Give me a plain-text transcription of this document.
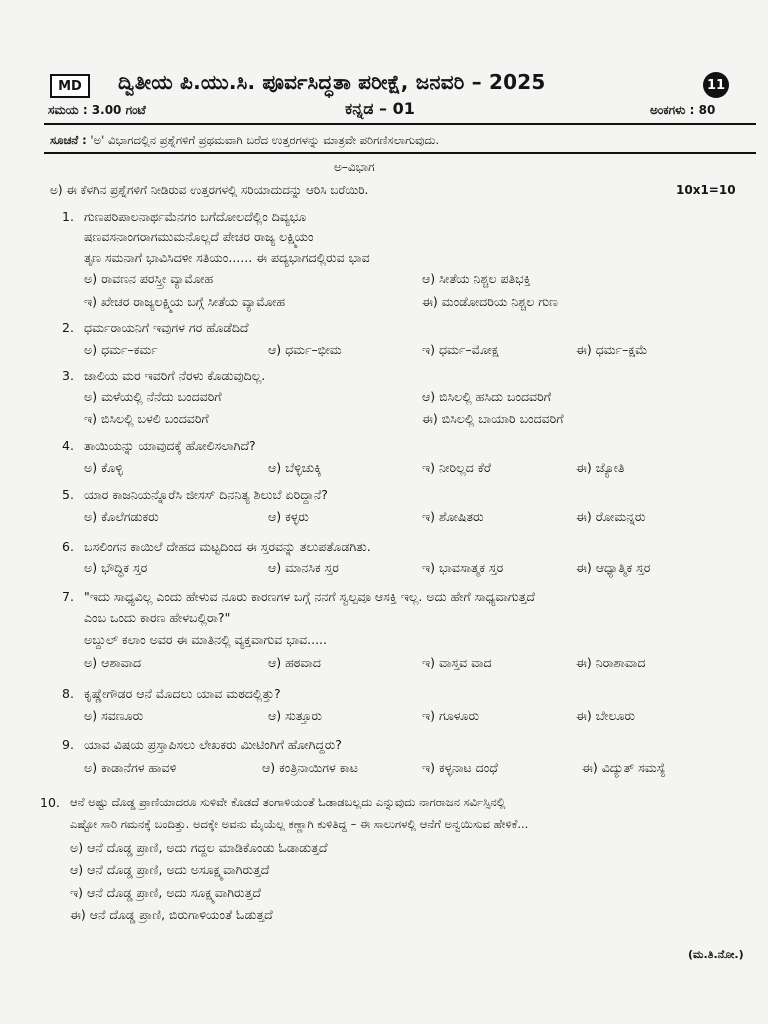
MD	ದ್ವಿತೀಯ ಪಿ.ಯು.ಸಿ. ಪೂರ್ವಸಿದ್ಧತಾ ಪರೀಕ್ಷೆ, ಜನವರಿ – 2025	11
ಸಮಯ : 3.00 ಗಂಟೆ	ಕನ್ನಡ – 01	ಅಂಕಗಳು : 80
ಸೂಚನೆ : 'ಅ' ವಿಭಾಗದಲ್ಲಿನ ಪ್ರಶ್ನೆಗಳಿಗೆ ಪ್ರಥಮವಾಗಿ ಬರೆದ ಉತ್ತರಗಳನ್ನು ಮಾತ್ರವೇ ಪರಿಗಣಿಸಲಾಗುವುದು.
ಅ–ವಿಭಾಗ
ಅ) ಈ ಕೆಳಗಿನ ಪ್ರಶ್ನೆಗಳಿಗೆ ನೀಡಿರುವ ಉತ್ತರಗಳಲ್ಲಿ ಸರಿಯಾದುದನ್ನು ಆರಿಸಿ ಬರೆಯಿರಿ.	10x1=10
1. ಗುಣಪರಿಪಾಲನಾರ್ಥಮೆನಗಂ ಬಗೆದೋಲದೆಲ್ಲಿಂ ದಿವ್ಯಭೂ
ಷಣವಸನಾಂಗರಾಗಮುಮನೊಲ್ಲದೆ ಪೇಚರ ರಾಜ್ಯ ಲಕ್ಷ್ಮಿಯಂ
ತೃಣ ಸಮನಾಗೆ ಭಾವಿಸಿದಳೀ ಸತಿಯಂ...... ಈ ಪದ್ಯಭಾಗದಲ್ಲಿರುವ ಭಾವ
ಅ) ರಾವಣನ ಪರಸ್ತ್ರೀ ವ್ಯಾಮೋಹ	ಆ) ಸೀತೆಯ ನಿಶ್ಚಲ ಪತಿಭಕ್ತಿ
ಇ) ಖೇಚರ ರಾಜ್ಯಲಕ್ಷ್ಮಿಯ ಬಗ್ಗೆ ಸೀತೆಯ ವ್ಯಾಮೋಹ	ಈ) ಮಂಡೋದರಿಯ ನಿಶ್ಚಲ ಗುಣ
2. ಧರ್ಮರಾಯನಿಗೆ ಇವುಗಳ ಗರ ಹೊಡೆದಿದೆ
ಅ) ಧರ್ಮ–ಕರ್ಮ	ಆ) ಧರ್ಮ–ಭೀಮ	ಇ) ಧರ್ಮ–ಮೋಕ್ಷ	ಈ) ಧರ್ಮ–ಕ್ಷಮೆ
3. ಜಾಲಿಯ ಮರ ಇವರಿಗೆ ನೆರಳು ಕೊಡುವುದಿಲ್ಲ.
ಅ) ಮಳೆಯಲ್ಲಿ ನೆನೆದು ಬಂದವರಿಗೆ	ಆ) ಬಿಸಿಲಲ್ಲಿ ಹಸಿದು ಬಂದವರಿಗೆ
ಇ) ಬಿಸಿಲಲ್ಲಿ ಬಳಲಿ ಬಂದವರಿಗೆ	ಈ) ಬಿಸಿಲಲ್ಲಿ ಬಾಯಾರಿ ಬಂದವರಿಗೆ
4. ತಾಯಿಯನ್ನು ಯಾವುದಕ್ಕೆ ಹೋಲಿಸಲಾಗಿದೆ?
ಅ) ಕೊಳ್ಳಿ	ಆ) ಬೆಳ್ಳಿಚುಕ್ಕಿ	ಇ) ನೀರಿಲ್ಲದ ಕೆರೆ	ಈ) ಜ್ಯೋತಿ
5. ಯಾರ ಕಾಜನಿಯನ್ನೊರೆಸಿ ಜೀಸಸ್ ದಿನನಿತ್ಯ ಶಿಲುಬೆ ಏರಿದ್ದಾನೆ?
ಅ) ಕೊಲೆಗಡುಕರು	ಆ) ಕಳ್ಳರು	ಇ) ಶೋಷಿತರು	ಈ) ರೋಮನ್ನರು
6. ಬಸಲಿಂಗನ ಕಾಯಿಲೆ ದೇಹದ ಮಟ್ಟದಿಂದ ಈ ಸ್ತರವನ್ನು ತಲುಪತೊಡಗಿತು.
ಅ) ಭೌದ್ಧಿಕ ಸ್ತರ	ಆ) ಮಾನಸಿಕ ಸ್ತರ	ಇ) ಭಾವಸಾತ್ಮಕ ಸ್ತರ	ಈ) ಆಧ್ಯಾತ್ಮಿಕ ಸ್ತರ
7. "ಇದು ಸಾಧ್ಯವಿಲ್ಲ ಎಂದು ಹೇಳುವ ನೂರು ಕಾರಣಗಳ ಬಗ್ಗೆ ನನಗೆ ಸ್ವಲ್ಪವೂ ಆಸಕ್ತಿ ಇಲ್ಲ. ಅದು ಹೇಗೆ ಸಾಧ್ಯವಾಗುತ್ತದೆ
ಎಂಬ ಒಂದು ಕಾರಣ ಹೇಳಬಲ್ಲಿರಾ?"
ಅಬ್ದುಲ್ ಕಲಾಂ ಅವರ ಈ ಮಾತಿನಲ್ಲಿ ವ್ಯಕ್ತವಾಗುವ ಭಾವ.....
ಅ) ಆಶಾವಾದ	ಆ) ಹಠವಾದ	ಇ) ವಾಸ್ತವ ವಾದ	ಈ) ನಿರಾಶಾವಾದ
8. ಕೃಷ್ಣೇಗೌಡರ ಆನೆ ಮೊದಲು ಯಾವ ಮಠದಲ್ಲಿತ್ತು?
ಅ) ಸವಣೂರು	ಆ) ಸುತ್ತೂರು	ಇ) ಗೂಳೂರು	ಈ) ಬೇಲೂರು
9. ಯಾವ ವಿಷಯ ಪ್ರಸ್ತಾಪಿಸಲು ಲೇಖಕರು ಮೀಟಿಂಗಿಗೆ ಹೋಗಿದ್ದರು?
ಅ) ಕಾಡಾನೆಗಳ ಹಾವಳಿ	ಆ) ಕಂತ್ರಿನಾಯಿಗಳ ಕಾಟ	ಇ) ಕಳ್ಳನಾಟ ದಂಧೆ	ಈ) ವಿದ್ಯುತ್ ಸಮಸ್ಯೆ
10. ಆನೆ ಅಷ್ಟು ದೊಡ್ಡ ಪ್ರಾಣಿಯಾದರೂ ಸುಳಿವೇ ಕೊಡದೆ ತಂಗಾಳಿಯಂತೆ ಓಡಾಡಬಲ್ಲದು ಎನ್ನುವುದು ನಾಗರಾಜನ ಸರ್ವಿಸ್ಸಿನಲ್ಲಿ
ಎಷ್ಟೋ ಸಾರಿ ಗಮನಕ್ಕೆ ಬಂದಿತ್ತು. ಅದಕ್ಕೇ ಅವನು ಮೈಯೆಲ್ಲ ಕಣ್ಣಾಗಿ ಕುಳಿತಿದ್ದ – ಈ ಸಾಲುಗಳಲ್ಲಿ ಆನೆಗೆ ಅನ್ವಯಿಸುವ ಹೇಳಿಕೆ...
ಅ) ಆನೆ ದೊಡ್ಡ ಪ್ರಾಣಿ, ಅದು ಗದ್ದಲ ಮಾಡಿಕೊಂಡು ಓಡಾಡುತ್ತದೆ
ಆ) ಆನೆ ದೊಡ್ಡ ಪ್ರಾಣಿ, ಅದು ಅಸೂಕ್ಷ್ಮವಾಗಿರುತ್ತದೆ
ಇ) ಆನೆ ದೊಡ್ಡ ಪ್ರಾಣಿ, ಅದು ಸೂಕ್ಷ್ಮವಾಗಿರುತ್ತದೆ
ಈ) ಆನೆ ದೊಡ್ಡ ಪ್ರಾಣಿ, ಬಿರುಗಾಳಿಯಂತೆ ಓಡುತ್ತದೆ
(ಮ.ತಿ.ನೋ.)
